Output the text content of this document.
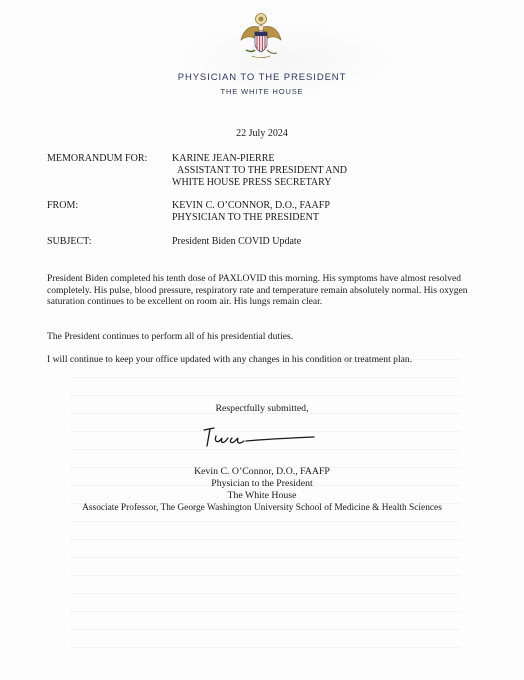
PHYSICIAN TO THE PRESIDENT
THE WHITE HOUSE
22 July 2024
MEMORANDUM FOR: KARINE JEAN-PIERRE
ASSISTANT TO THE PRESIDENT AND
WHITE HOUSE PRESS SECRETARY
FROM:	KEVIN C. O’CONNOR, D.O., FAAFP
PHYSICIAN TO THE PRESIDENT
SUBJECT:	President Biden COVID Update
President Biden completed his tenth dose of PAXLOVID this morning. His symptoms have almost resolved completely. His pulse, blood pressure, respiratory rate and temperature remain absolutely normal. His oxygen saturation continues to be excellent on room air. His lungs remain clear.
The President continues to perform all of his presidential duties.
I will continue to keep your office updated with any changes in his condition or treatment plan.
Respectfully submitted,
Kevin C. O’Connor, D.O., FAAFP
Physician to the President
The White House
Associate Professor, The George Washington University School of Medicine & Health Sciences
